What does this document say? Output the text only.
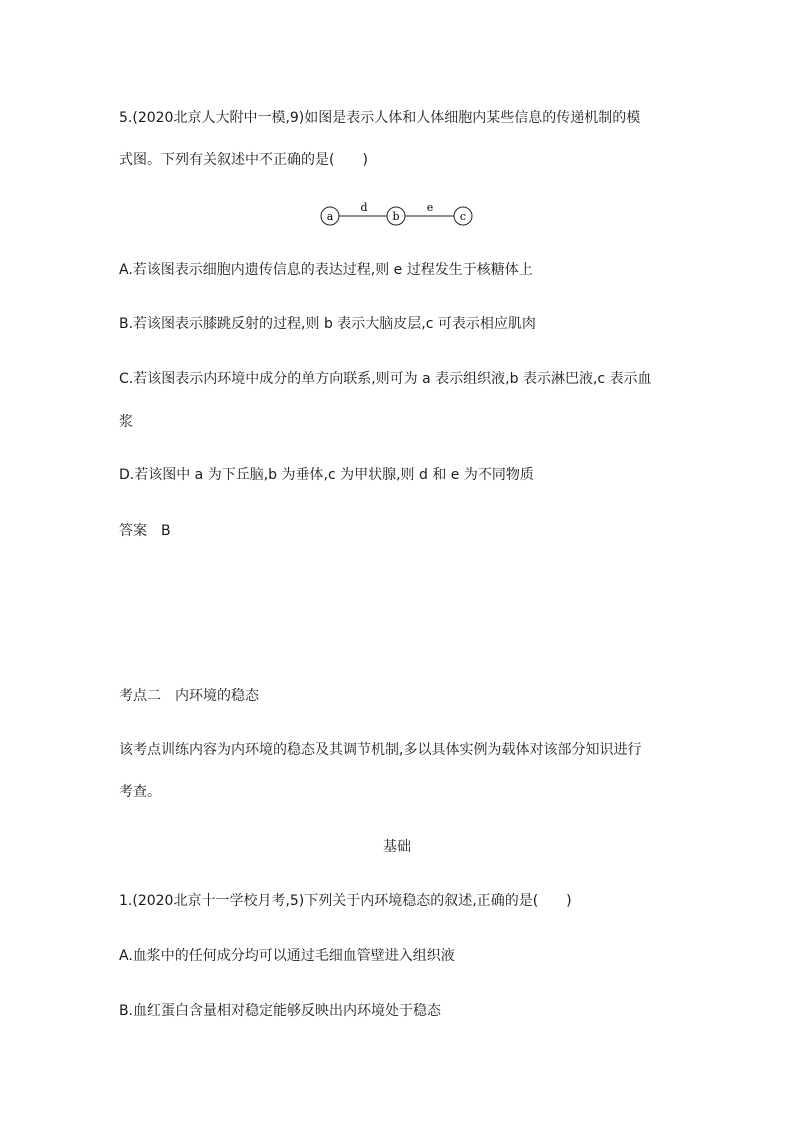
5.(2020北京人大附中一模,9)如图是表示人体和人体细胞内某些信息的传递机制的模
式图。下列有关叙述中不正确的是(　　)
a	b	c
d	e
A.若该图表示细胞内遗传信息的表达过程,则 e 过程发生于核糖体上
B.若该图表示膝跳反射的过程,则 b 表示大脑皮层,c 可表示相应肌肉
C.若该图表示内环境中成分的单方向联系,则可为 a 表示组织液,b 表示淋巴液,c 表示血
浆
D.若该图中 a 为下丘脑,b 为垂体,c 为甲状腺,则 d 和 e 为不同物质
答案　B
考点二　内环境的稳态
该考点训练内容为内环境的稳态及其调节机制,多以具体实例为载体对该部分知识进行
考查。
基础
1.(2020北京十一学校月考,5)下列关于内环境稳态的叙述,正确的是(　　)
A.血浆中的任何成分均可以通过毛细血管壁进入组织液
B.血红蛋白含量相对稳定能够反映出内环境处于稳态
